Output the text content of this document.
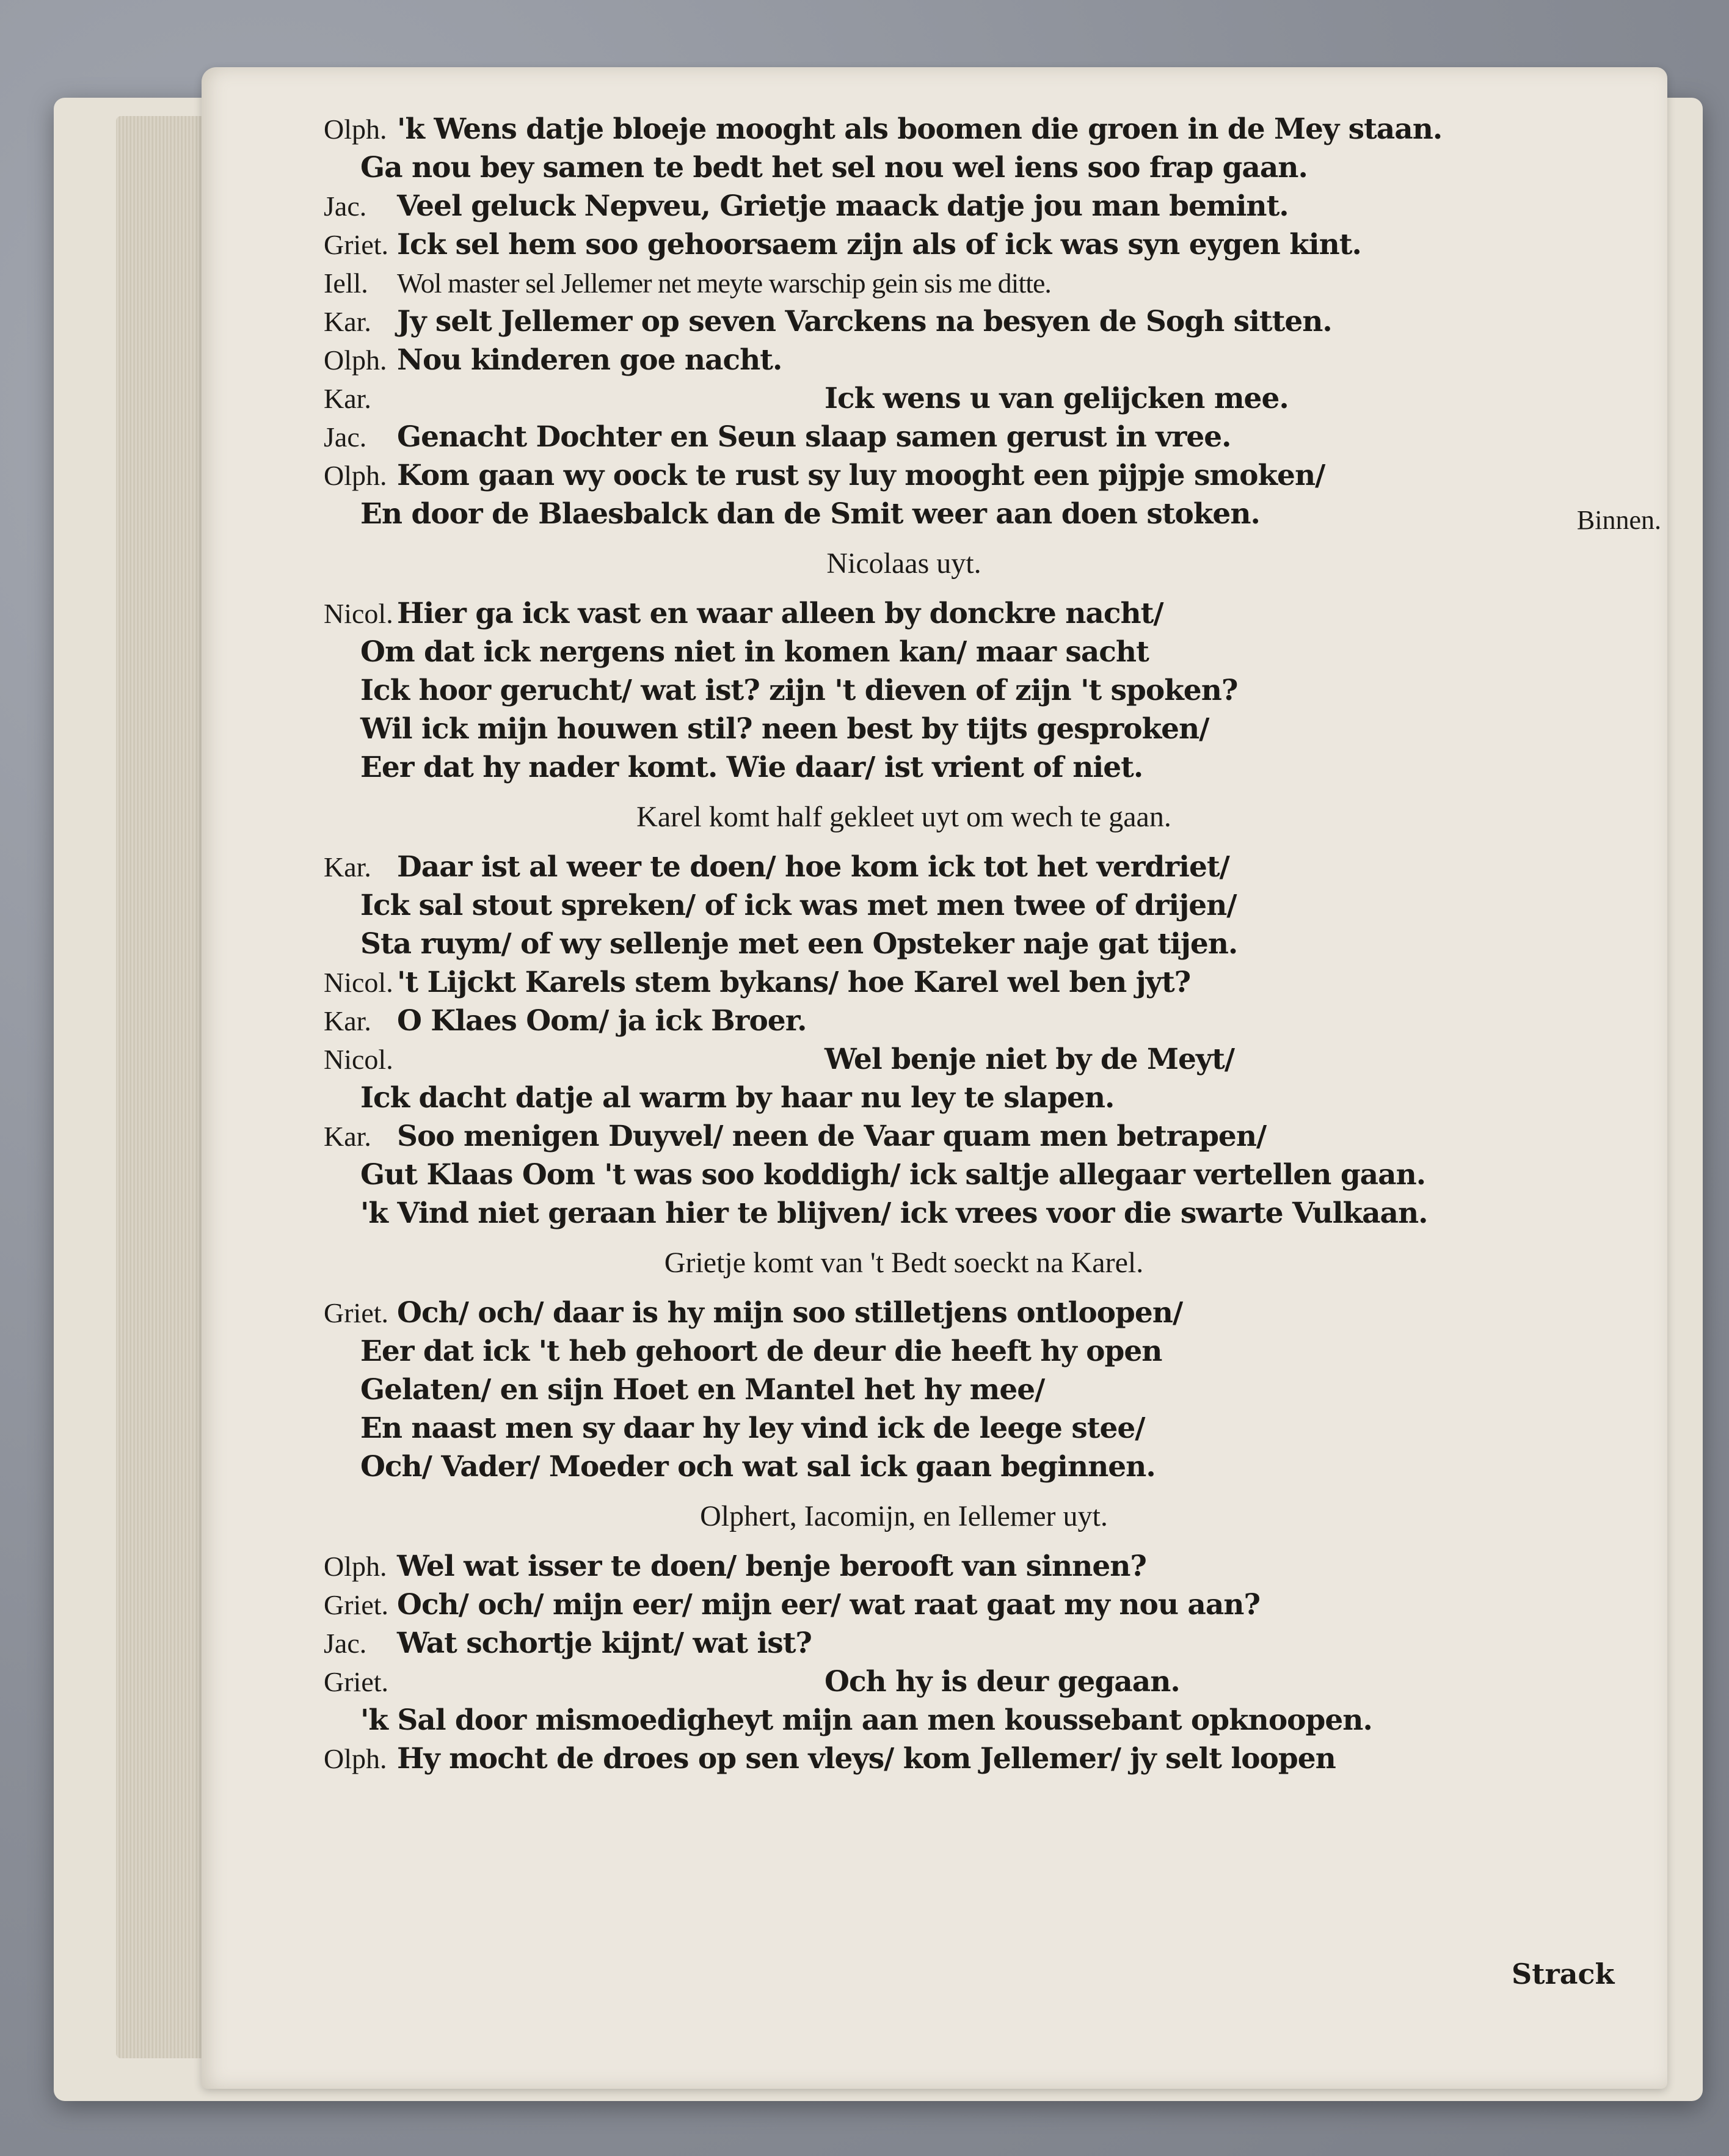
Olph. 'k Wens datje bloeje mooght als boomen die groen in de Mey staan.
Ga nou bey samen te bedt het sel nou wel iens soo frap gaan.
Jac. Veel geluck Nepveu, Grietje maack datje jou man bemint.
Griet. Ick sel hem soo gehoorsaem zijn als of ick was syn eygen kint.
Iell. Wol master sel Jellemer net meyte warschip gein sis me ditte.
Kar. Jy selt Jellemer op seven Varckens na besyen de Sogh sitten.
Olph. Nou kinderen goe nacht.
Kar.	Ick wens u van gelijcken mee.
Jac. Genacht Dochter en Seun slaap samen gerust in vree.
Olph. Kom gaan wy oock te rust sy luy mooght een pijpje smoken/
En door de Blaesbalck dan de Smit weer aan doen stoken.	Binnen.
Nicolaas uyt.
Nicol. Hier ga ick vast en waar alleen by donckre nacht/
Om dat ick nergens niet in komen kan/ maar sacht
Ick hoor gerucht/ wat ist? zijn 't dieven of zijn 't spoken?
Wil ick mijn houwen stil? neen best by tijts gesproken/
Eer dat hy nader komt. Wie daar/ ist vrient of niet.
Karel komt half gekleet uyt om wech te gaan.
Kar. Daar ist al weer te doen/ hoe kom ick tot het verdriet/
Ick sal stout spreken/ of ick was met men twee of drijen/
Sta ruym/ of wy sellenje met een Opsteker naje gat tijen.
Nicol. 't Lijckt Karels stem bykans/ hoe Karel wel ben jyt?
Kar. O Klaes Oom/ ja ick Broer.
Nicol.	Wel benje niet by de Meyt/
Ick dacht datje al warm by haar nu ley te slapen.
Kar. Soo menigen Duyvel/ neen de Vaar quam men betrapen/
Gut Klaas Oom 't was soo koddigh/ ick saltje allegaar vertellen gaan.
'k Vind niet geraan hier te blijven/ ick vrees voor die swarte Vulkaan.
Grietje komt van 't Bedt soeckt na Karel.
Griet. Och/ och/ daar is hy mijn soo stilletjens ontloopen/
Eer dat ick 't heb gehoort de deur die heeft hy open
Gelaten/ en sijn Hoet en Mantel het hy mee/
En naast men sy daar hy ley vind ick de leege stee/
Och/ Vader/ Moeder och wat sal ick gaan beginnen.
Olphert, Iacomijn, en Iellemer uyt.
Olph. Wel wat isser te doen/ benje berooft van sinnen?
Griet. Och/ och/ mijn eer/ mijn eer/ wat raat gaat my nou aan?
Jac. Wat schortje kijnt/ wat ist?
Griet.	Och hy is deur gegaan.
'k Sal door mismoedigheyt mijn aan men koussebant opknoopen.
Olph. Hy mocht de droes op sen vleys/ kom Jellemer/ jy selt loopen
Strack
